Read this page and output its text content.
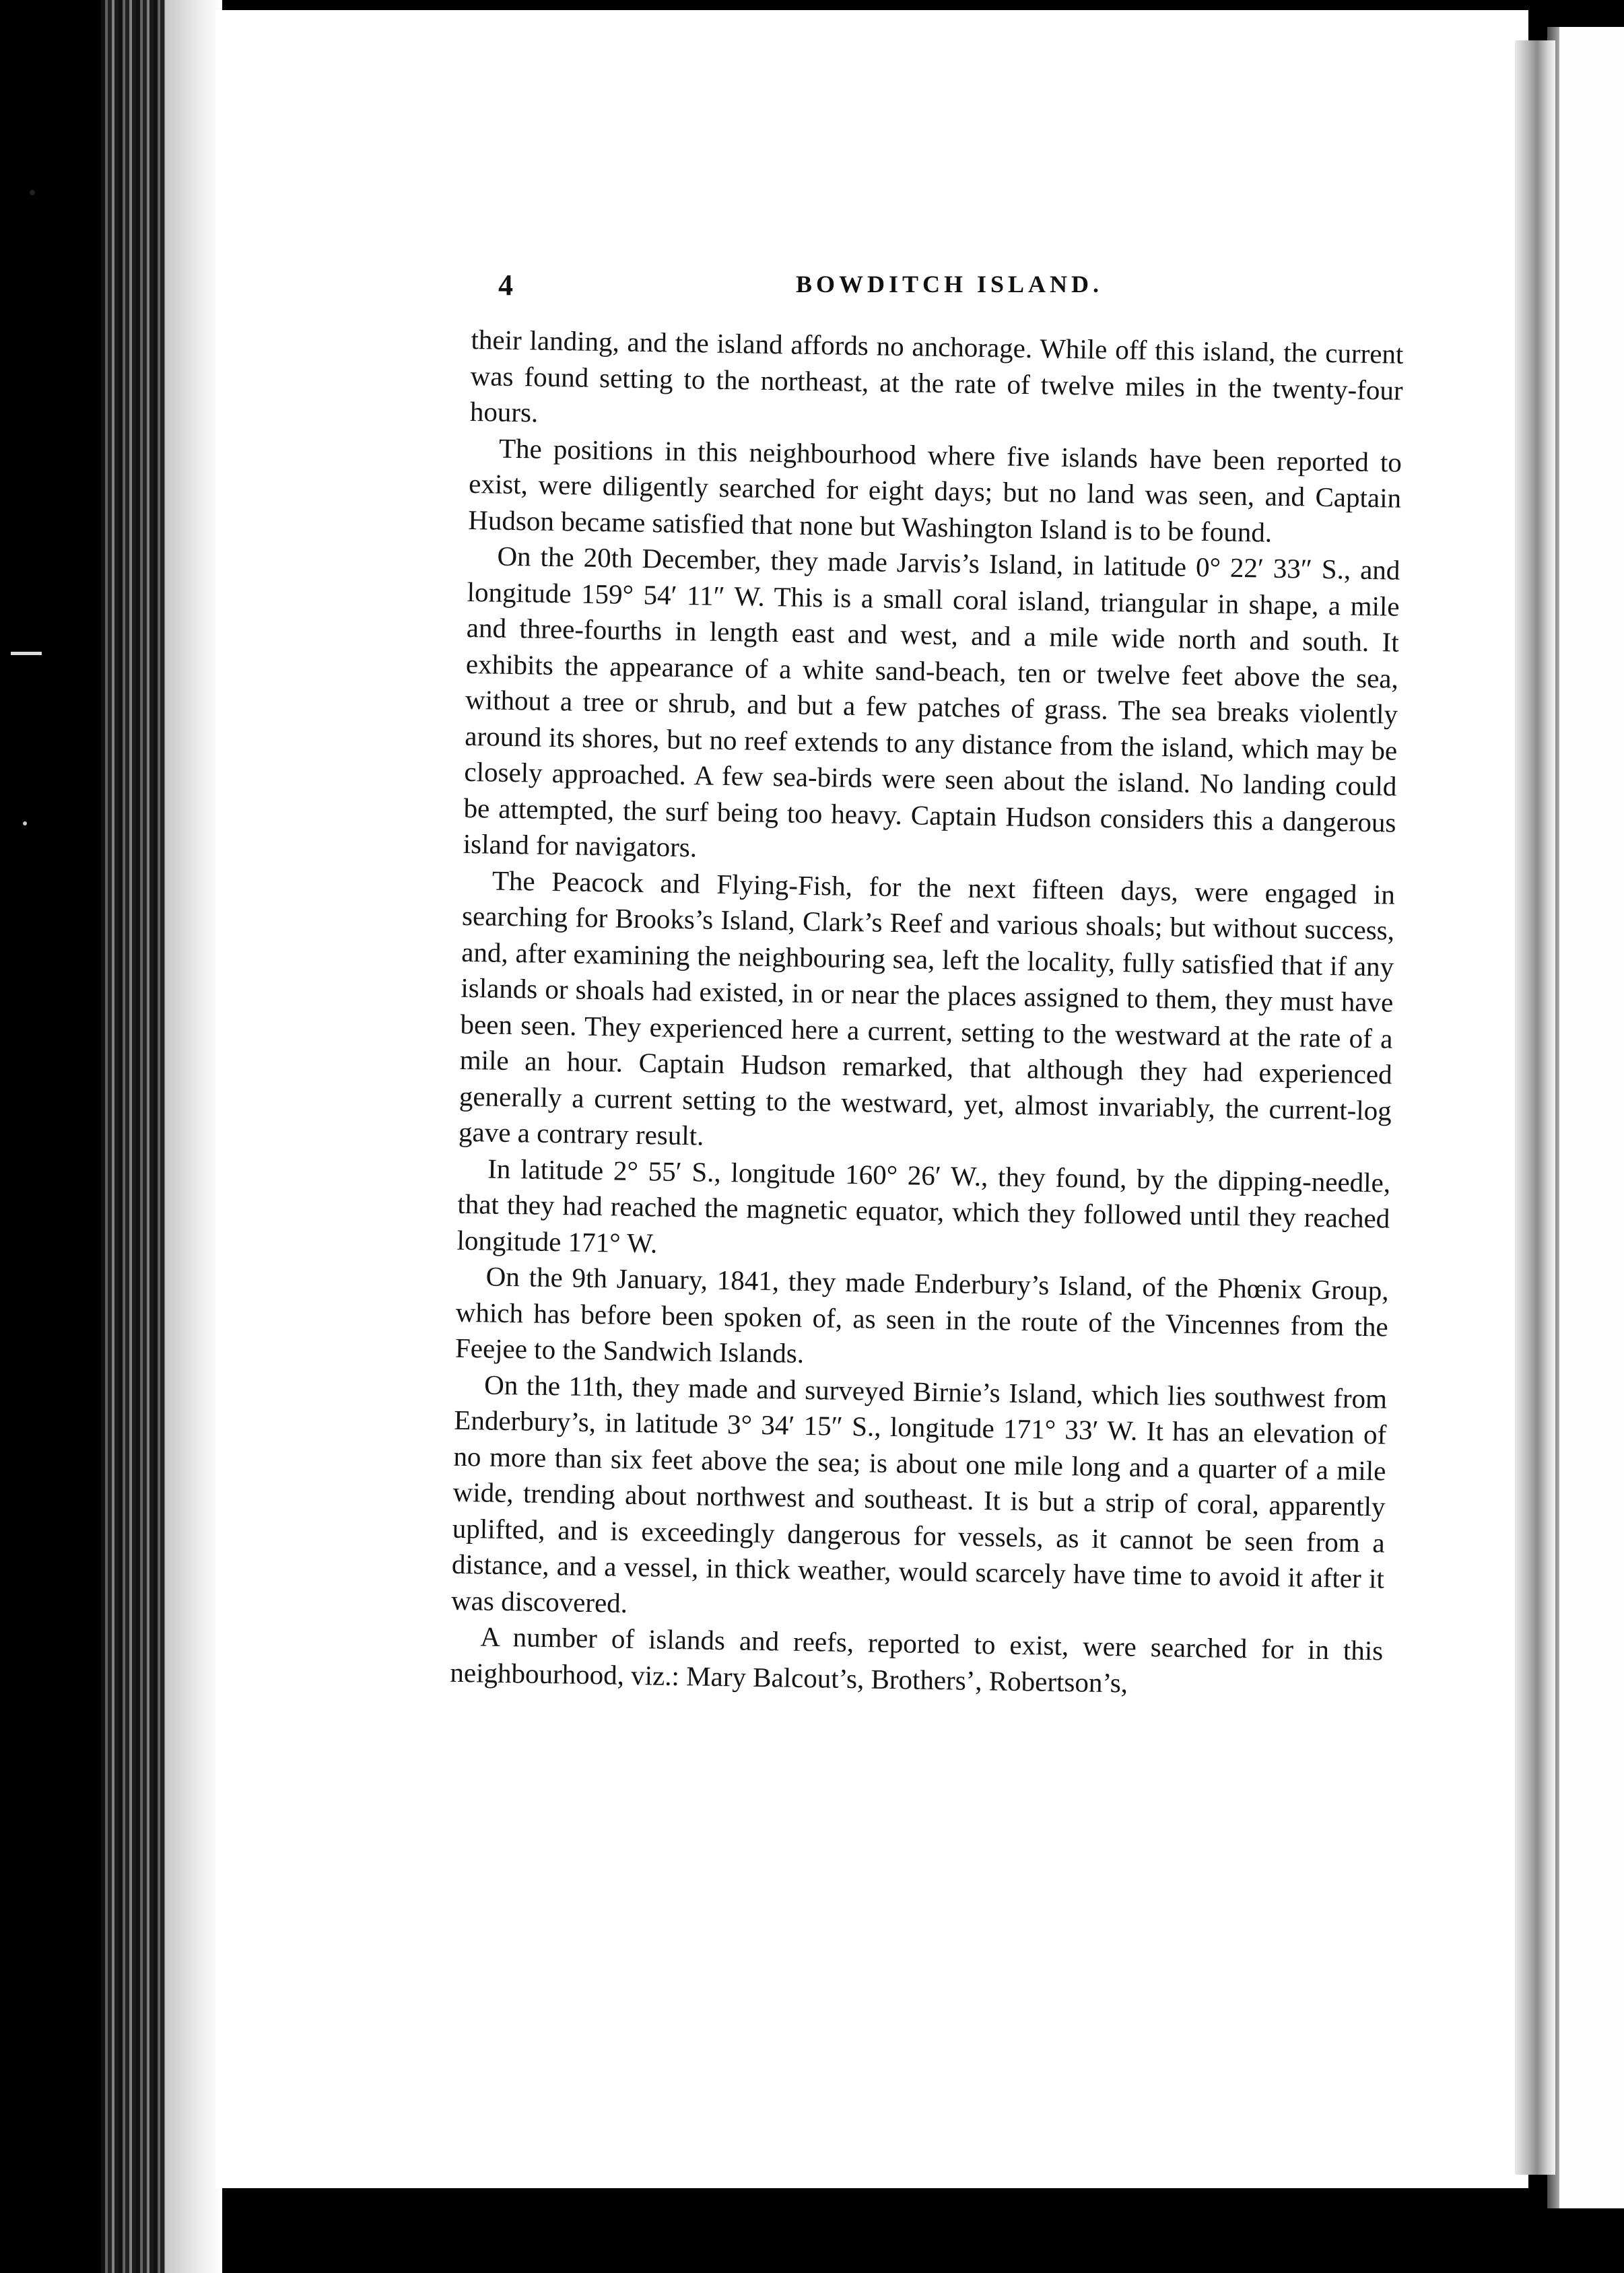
4	BOWDITCH ISLAND.

their landing, and the island affords no anchorage. While off this island, the current was found setting to the northeast, at the rate of twelve miles in the twenty-four hours.

The positions in this neighbourhood where five islands have been reported to exist, were diligently searched for eight days; but no land was seen, and Captain Hudson became satisfied that none but Washington Island is to be found.

On the 20th December, they made Jarvis’s Island, in latitude 0° 22′ 33″ S., and longitude 159° 54′ 11″ W. This is a small coral island, triangular in shape, a mile and three-fourths in length east and west, and a mile wide north and south. It exhibits the appearance of a white sand-beach, ten or twelve feet above the sea, without a tree or shrub, and but a few patches of grass. The sea breaks violently around its shores, but no reef extends to any distance from the island, which may be closely approached. A few sea-birds were seen about the island. No landing could be attempted, the surf being too heavy. Captain Hudson considers this a dangerous island for navigators.

The Peacock and Flying-Fish, for the next fifteen days, were engaged in searching for Brooks’s Island, Clark’s Reef and various shoals; but without success, and, after examining the neighbouring sea, left the locality, fully satisfied that if any islands or shoals had existed, in or near the places assigned to them, they must have been seen. They experienced here a current, setting to the westward at the rate of a mile an hour. Captain Hudson remarked, that although they had experienced generally a current setting to the westward, yet, almost invariably, the current-log gave a contrary result.

In latitude 2° 55′ S., longitude 160° 26′ W., they found, by the dipping-needle, that they had reached the magnetic equator, which they followed until they reached longitude 171° W.

On the 9th January, 1841, they made Enderbury’s Island, of the Phœnix Group, which has before been spoken of, as seen in the route of the Vincennes from the Feejee to the Sandwich Islands.

On the 11th, they made and surveyed Birnie’s Island, which lies southwest from Enderbury’s, in latitude 3° 34′ 15″ S., longitude 171° 33′ W. It has an elevation of no more than six feet above the sea; is about one mile long and a quarter of a mile wide, trending about northwest and southeast. It is but a strip of coral, apparently uplifted, and is exceedingly dangerous for vessels, as it cannot be seen from a distance, and a vessel, in thick weather, would scarcely have time to avoid it after it was discovered.

A number of islands and reefs, reported to exist, were searched for in this neighbourhood, viz.: Mary Balcout’s, Brothers’, Robertson’s,
